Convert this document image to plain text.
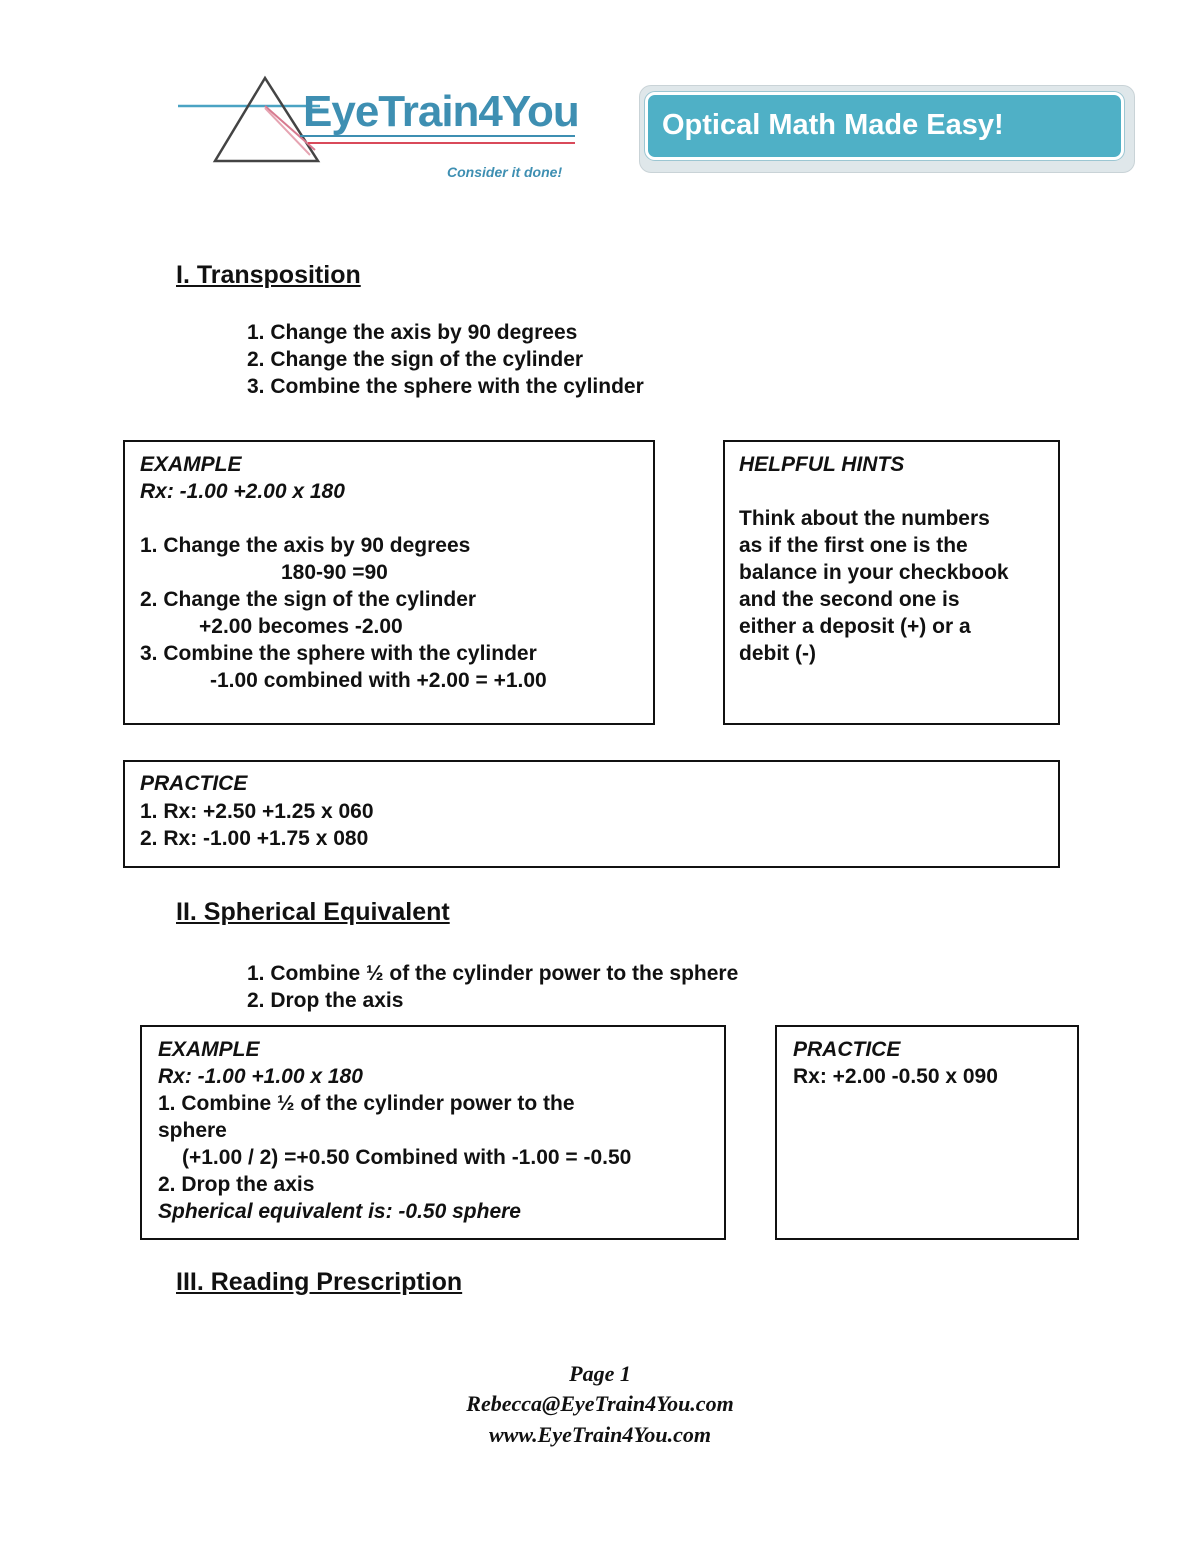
EyeTrain4You
Consider it done!
Optical Math Made Easy!
I. Transposition
1. Change the axis by 90 degrees
2. Change the sign of the cylinder
3. Combine the sphere with the cylinder
EXAMPLE
Rx: -1.00 +2.00 x 180
1. Change the axis by 90 degrees
180-90 =90
2. Change the sign of the cylinder
+2.00 becomes -2.00
3. Combine the sphere with the cylinder
-1.00 combined with +2.00 = +1.00
HELPFUL HINTS
Think about the numbers
as if the first one is the
balance in your checkbook
and the second one is
either a deposit (+) or a
debit (-)
PRACTICE
1. Rx: +2.50 +1.25 x 060
2. Rx: -1.00 +1.75 x 080
II. Spherical Equivalent
1. Combine ½ of the cylinder power to the sphere
2. Drop the axis
EXAMPLE
Rx: -1.00 +1.00 x 180
1. Combine ½ of the cylinder power to the
sphere
(+1.00 / 2) =+0.50 Combined with -1.00 = -0.50
2. Drop the axis
Spherical equivalent is: -0.50 sphere
PRACTICE
Rx: +2.00 -0.50 x 090
III. Reading Prescription
Page 1
Rebecca@EyeTrain4You.com
www.EyeTrain4You.com
